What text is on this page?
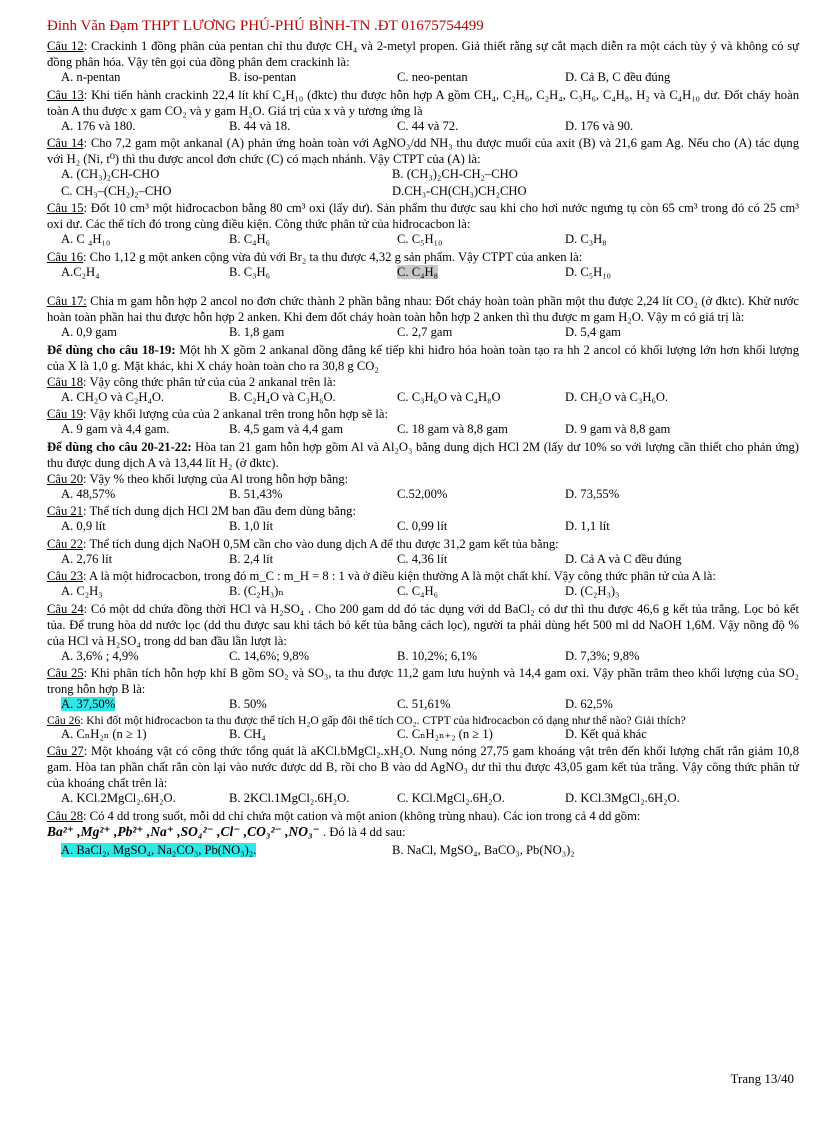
Đinh Văn Đạm THPT LƯƠNG PHÚ-PHÚ BÌNH-TN .ĐT 01675754499

Câu 12: Crackinh 1 đồng phân của pentan chỉ thu được CH₄ và 2-metyl propen. Giả thiết rằng sự cắt mạch diễn ra một cách tùy ý và không có sự đồng phân hóa. Vậy tên gọi của đồng phân đem crackinh là:

A. n-pentan	B. iso-pentan	C. neo-pentan	D. Cả B, C đều đúng

Câu 13: Khi tiến hành crackinh 22,4 lít khí C₄H₁₀ (đktc) thu được hỗn hợp A gồm CH₄, C₂H₆, C₂H₄, C₃H₆, C₄H₈, H₂ và C₄H₁₀ dư. Đốt cháy hoàn toàn A thu được x gam CO₂ và y gam H₂O. Giá trị của x và y tương ứng là

A. 176 và 180.	B. 44 và 18.	C. 44 và 72.	D. 176 và 90.

Câu 14: Cho 7,2 gam một ankanal (A) phản ứng hoàn toàn với AgNO₃/dd NH₃ thu được muối của axit (B) và 21,6 gam Ag. Nếu cho (A) tác dụng với H₂ (Ni, t⁰) thì thu được ancol đơn chức (C) có mạch nhánh. Vậy CTPT của (A) là:

A. (CH₃)₂CH-CHO	B. (CH₃)₂CH-CH₂–CHO
C. CH₃–(CH₂)₂–CHO	D.CH₃-CH(CH₃)CH₂CHO

Câu 15: Đốt 10 cm³ một hiđrocacbon bằng 80 cm³ oxi (lấy dư). Sản phẩm thu được sau khi cho hơi nước ngưng tụ còn 65 cm³ trong đó có 25 cm³ oxi dư. Các thể tích đó trong cùng điều kiện. Công thức phân tử của hiđrocacbon là:

A. C ₄H₁₀	B. C₄H₆	C. C₅H₁₀	D. C₃H₈

Câu 16: Cho 1,12 g một anken cộng vừa đủ với Br₂ ta thu được 4,32 g sản phẩm. Vậy CTPT của anken là:

A.C₂H₄	B. C₃H₆	C. C₄H₈	D. C₅H₁₀

Câu 17: Chia m gam hỗn hợp 2 ancol no đơn chức thành 2 phần bằng nhau: Đốt cháy hoàn toàn phần một thu được 2,24 lít CO₂ (ở đktc). Khử nước hoàn toàn phần hai thu được hỗn hợp 2 anken. Khi đem đốt cháy hoàn toàn hỗn hợp 2 anken thì thu được m gam H₂O. Vậy m có giá trị là:

A. 0,9 gam	B. 1,8 gam	C. 2,7 gam	D. 5,4 gam

Để dùng cho câu 18-19: Một hh X gồm 2 ankanal đồng đẳng kế tiếp khi hiđro hóa hoàn toàn tạo ra hh 2 ancol có khối lượng lớn hơn khối lượng của X là 1,0 g. Mặt khác, khi X cháy hoàn toàn cho ra 30,8 g CO₂

Câu 18: Vậy công thức phân tử của của 2 ankanal trên là:

A. CH₂O và C₂H₄O.	B. C₂H₄O và C₃H₆O.	C. C₃H₆O và C₄H₈O	D. CH₂O và C₃H₆O.

Câu 19: Vậy khối lượng của của 2 ankanal trên trong hỗn hợp sẽ là:

A. 9 gam và 4,4 gam.	B. 4,5 gam và 4,4 gam	C. 18 gam và 8,8 gam	D. 9 gam và 8,8 gam

Để dùng cho câu 20-21-22: Hòa tan 21 gam hỗn hợp gồm Al và Al₂O₃ bằng dung dịch HCl 2M (lấy dư 10% so với lượng cần thiết cho phản ứng) thu được dung dịch A và 13,44 lít H₂ (ở đktc).

Câu 20: Vậy % theo khối lượng của Al trong hỗn hợp bằng:

A. 48,57%	B. 51,43%	C.52,00%	D. 73,55%

Câu 21: Thể tích dung dịch HCl 2M ban đầu đem dùng bằng:

A. 0,9 lít	B. 1,0 lít	C. 0,99 lít	D. 1,1 lít

Câu 22: Thể tích dung dịch NaOH 0,5M cần cho vào dung dịch A để thu được 31,2 gam kết tủa bằng:

A. 2,76 lít	B. 2,4 lít	C. 4,36 lít	D. Cả A và C đều đúng

Câu 23: A là một hiđrocacbon, trong đó m_C : m_H = 8 : 1 và ở điều kiện thường A là một chất khí. Vậy công thức phân tử của A là:

A. C₂H₃	B. (C₂H₃)ₙ	C. C₄H₆	D. (C₂H₃)₃

Câu 24: Có một dd chứa đồng thời HCl và H₂SO₄ . Cho 200 gam dd đó tác dụng với dd BaCl₂ có dư thì thu được 46,6 g kết tủa trắng. Lọc bỏ kết tủa. Để trung hòa dd nước lọc (dd thu được sau khi tách bỏ kết tủa bằng cách lọc), người ta phải dùng hết 500 ml dd NaOH 1,6M. Vậy nồng độ % của HCl và H₂SO₄ trong dd ban đầu lần lượt là:

A. 3,6% ; 4,9%	C. 14,6%; 9,8%	B. 10,2%; 6,1%	D. 7,3%; 9,8%

Câu 25: Khi phân tích hỗn hợp khí B gồm SO₂ và SO₃, ta thu được 11,2 gam lưu huỳnh và 14,4 gam oxi. Vậy phần trăm theo khối lượng của SO₂ trong hỗn hợp B là:

A. 37,50%	B. 50%	C. 51,61%	D. 62,5%

Câu 26: Khi đốt một hiđrocacbon ta thu được thể tích H₂O gấp đôi thể tích CO₂. CTPT của hiđrocacbon có dạng như thế nào? Giải thích?

A. CₙH₂ₙ (n ≥ 1)	B. CH₄	C. CₙH₂ₙ₊₂ (n ≥ 1)	D. Kết quả khác

Câu 27: Một khoáng vật có công thức tổng quát là aKCl.bMgCl₂.xH₂O. Nung nóng 27,75 gam khoáng vật trên đến khối lượng chất rắn giảm 10,8 gam. Hòa tan phần chất rắn còn lại vào nước được dd B, rồi cho B vào dd AgNO₃ dư thì thu được 43,05 gam kết tủa trắng. Vậy công thức phân tử của khoáng chất trên là:

A. KCl.2MgCl₂.6H₂O.	B. 2KCl.1MgCl₂.6H₂O.	C. KCl.MgCl₂.6H₂O.	D. KCl.3MgCl₂.6H₂O.

Câu 28: Có 4 dd trong suốt, mỗi dd chỉ chứa một cation và một anion (không trùng nhau). Các ion trong cả 4 dd gồm:

Ba²⁺ ,Mg²⁺ ,Pb²⁺ ,Na⁺ ,SO₄²⁻ ,Cl⁻ ,CO₃²⁻ ,NO₃⁻ . Đó là 4 dd sau:

A. BaCl₂, MgSO₄, Na₂CO₃, Pb(NO₃)₂.	B. NaCl, MgSO₄, BaCO₃, Pb(NO₃)₂
Trang 13/40
